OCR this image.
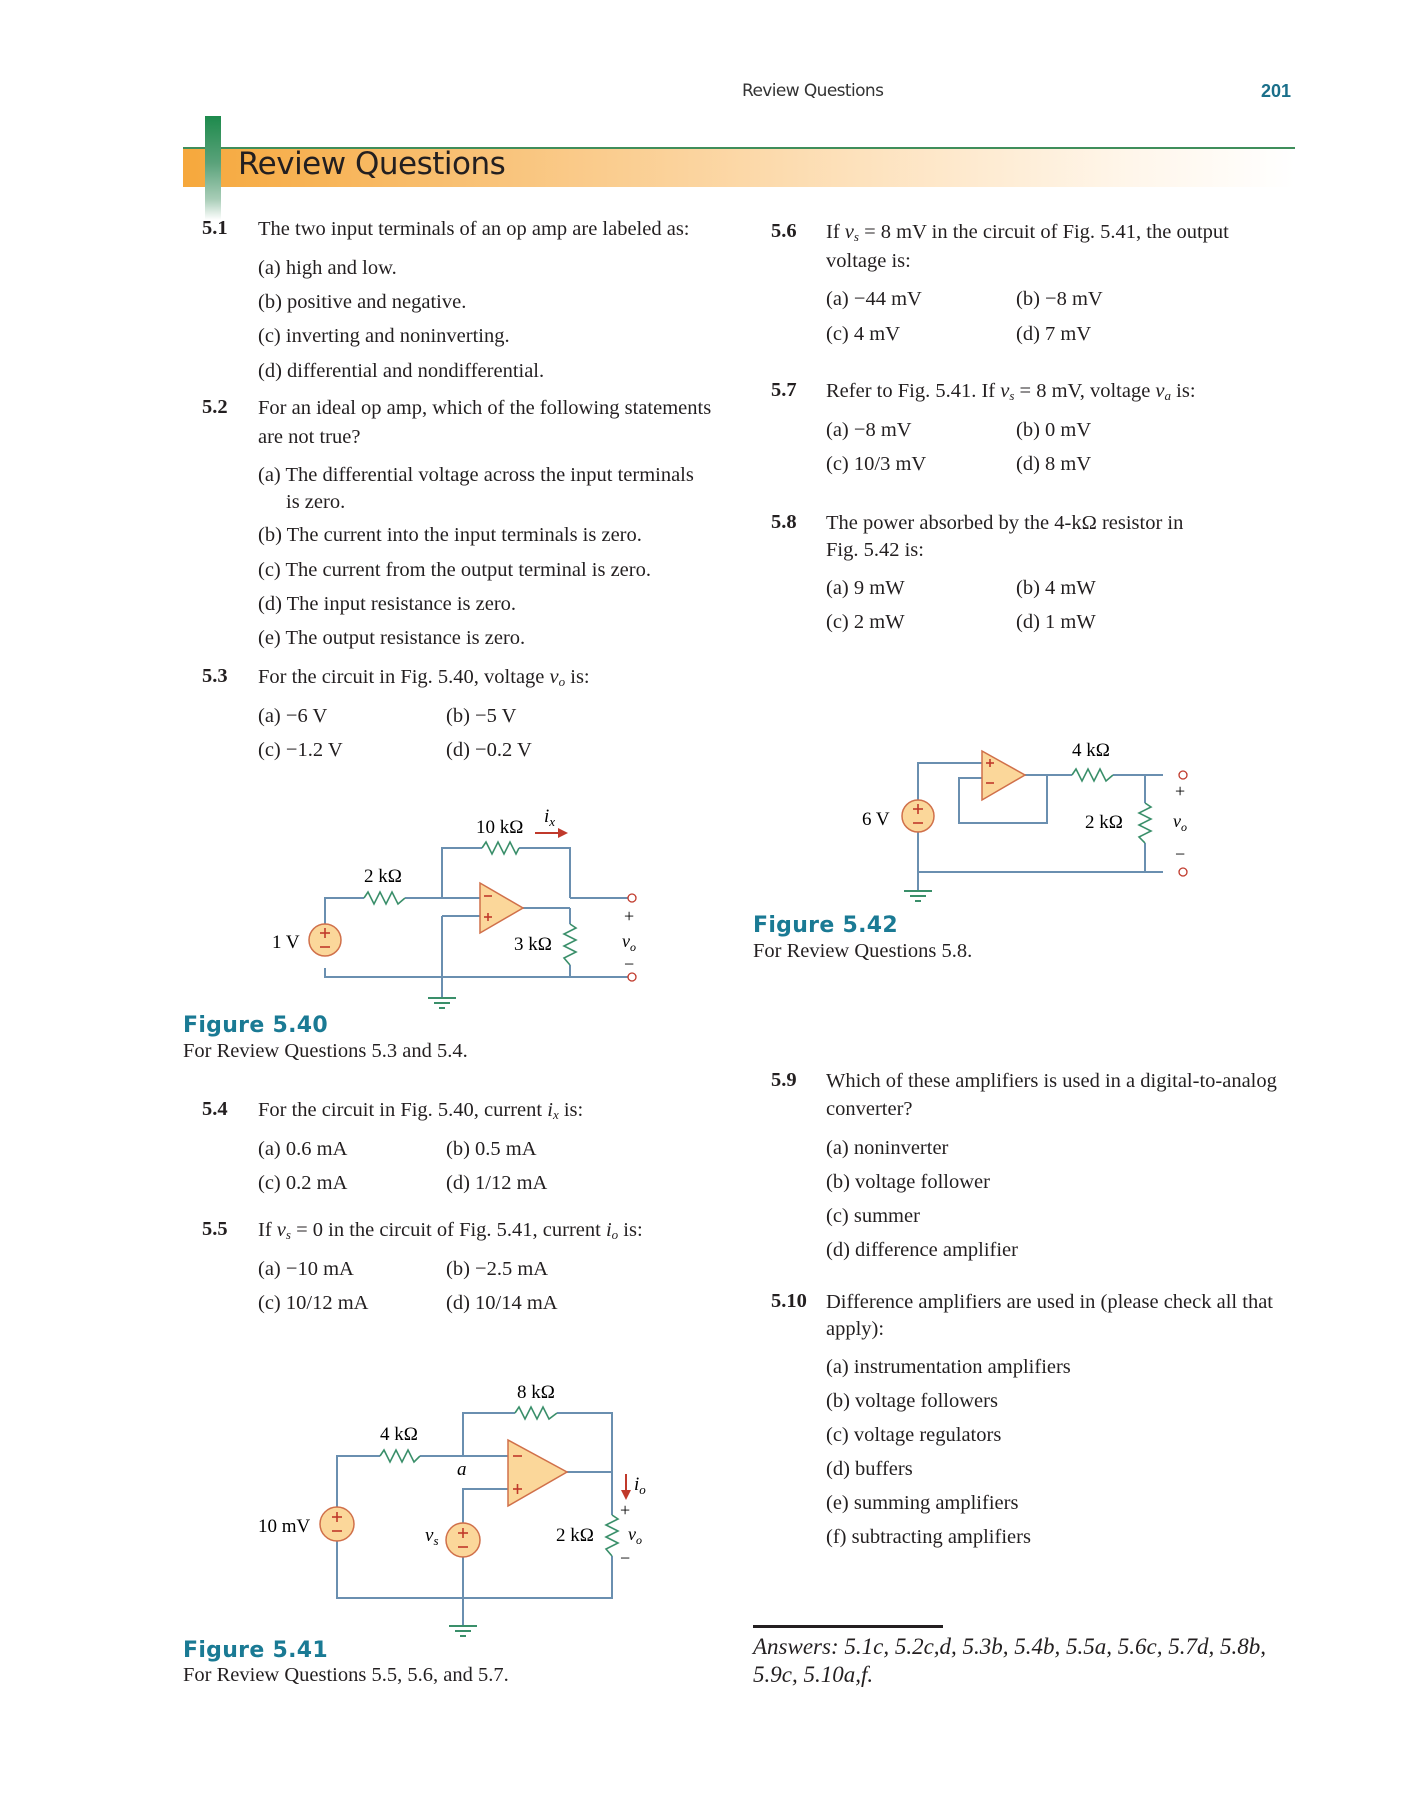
Review Questions	201
Review Questions
5.1 The two input terminals of an op amp are labeled as:
(a) high and low.
(b) positive and negative.
(c) inverting and noninverting.
(d) differential and nondifferential.
5.2 For an ideal op amp, which of the following statements
are not true?
(a) The differential voltage across the input terminals
is zero.
(b) The current into the input terminals is zero.
(c) The current from the output terminal is zero.
(d) The input resistance is zero.
(e) The output resistance is zero.
5.3 For the circuit in Fig. 5.40, voltage $v_o$ is:
(a) −6 V	(b) −5 V
(c) −1.2 V	(d) −0.2 V
1 V
2 kΩ
10 kΩ
3 kΩ
$i_x$
+
$v_o$
−
10 mV	$v_s$
4 kΩ
8 kΩ
2 kΩ
a
$i_o$
+
$v_o$
−
6 V
4 kΩ
2 kΩ
+
$v_o$
−
Figure 5.40
For Review Questions 5.3 and 5.4.
5.4 For the circuit in Fig. 5.40, current $i_x$ is:
(a) 0.6 mA	(b) 0.5 mA
(c) 0.2 mA	(d) 1/12 mA
5.5 If $v_s = 0$ in the circuit of Fig. 5.41, current $i_o$ is:
(a) −10 mA	(b) −2.5 mA
(c) 10/12 mA	(d) 10/14 mA
Figure 5.41
For Review Questions 5.5, 5.6, and 5.7.
5.6 If $v_s = 8$ mV in the circuit of Fig. 5.41, the output
voltage is:
(a) −44 mV	(b) −8 mV
(c) 4 mV	(d) 7 mV
5.7 Refer to Fig. 5.41. If $v_s = 8$ mV, voltage $v_a$ is:
(a) −8 mV	(b) 0 mV
(c) 10/3 mV	(d) 8 mV
5.8 The power absorbed by the 4-kΩ resistor in
Fig. 5.42 is:
(a) 9 mW	(b) 4 mW
(c) 2 mW	(d) 1 mW
Figure 5.42
For Review Questions 5.8.
5.9 Which of these amplifiers is used in a digital-to-analog
converter?
(a) noninverter
(b) voltage follower
(c) summer
(d) difference amplifier
5.10 Difference amplifiers are used in (please check all that
apply):
(a) instrumentation amplifiers
(b) voltage followers
(c) voltage regulators
(d) buffers
(e) summing amplifiers
(f) subtracting amplifiers
Answers: 5.1c, 5.2c,d, 5.3b, 5.4b, 5.5a, 5.6c, 5.7d, 5.8b,
5.9c, 5.10a,f.
